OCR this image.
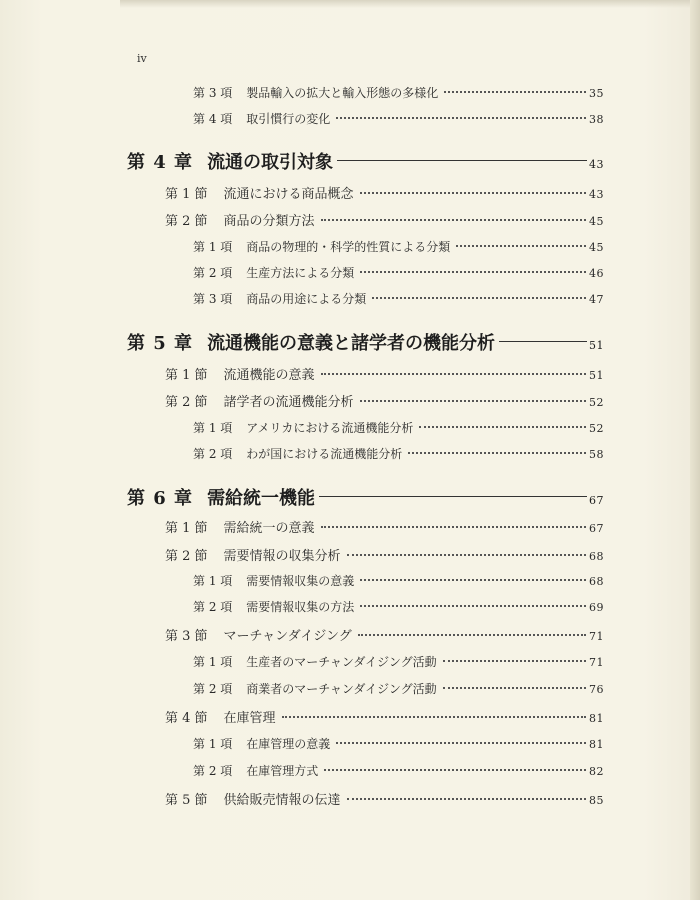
iv
第 3 項 製品輸入の拡大と輸入形態の多様化	35
第 4 項 取引慣行の変化	38
第 4 章 流通の取引対象	43
第 1 節 流通における商品概念	43
第 2 節 商品の分類方法	45
第 1 項 商品の物理的・科学的性質による分類	45
第 2 項 生産方法による分類	46
第 3 項 商品の用途による分類	47
第 5 章 流通機能の意義と諸学者の機能分析	51
第 1 節 流通機能の意義	51
第 2 節 諸学者の流通機能分析	52
第 1 項 アメリカにおける流通機能分析	52
第 2 項 わが国における流通機能分析	58
第 6 章 需給統一機能	67
第 1 節 需給統一の意義	67
第 2 節 需要情報の収集分析	68
第 1 項 需要情報収集の意義	68
第 2 項 需要情報収集の方法	69
第 3 節 マーチャンダイジング	71
第 1 項 生産者のマーチャンダイジング活動	71
第 2 項 商業者のマーチャンダイジング活動	76
第 4 節 在庫管理	81
第 1 項 在庫管理の意義	81
第 2 項 在庫管理方式	82
第 5 節 供給販売情報の伝達	85
